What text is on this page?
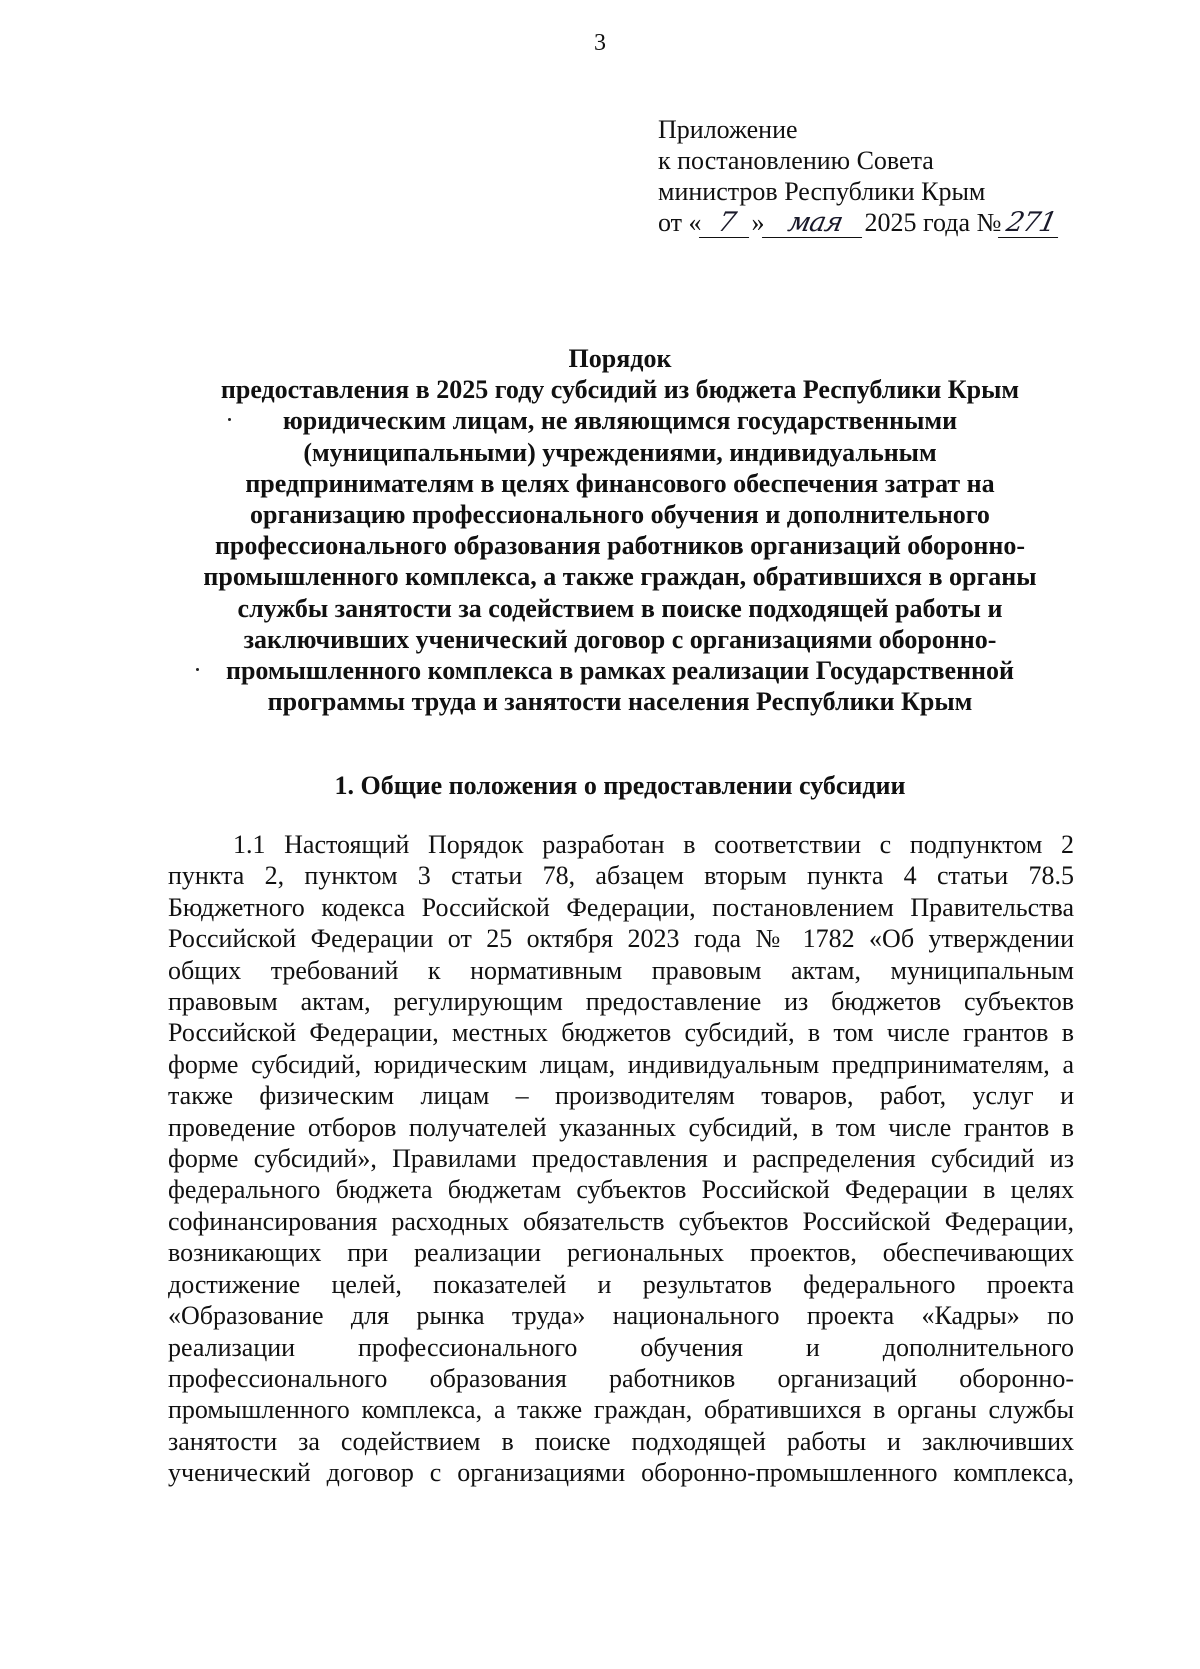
3
Приложение
к постановлению Совета
министров Республики Крым
от « 7 » мая 2025 года №271
Порядок
предоставления в 2025 году субсидий из бюджета Республики Крым
юридическим лицам, не являющимся государственными
(муниципальными) учреждениями, индивидуальным
предпринимателям в целях финансового обеспечения затрат на
организацию профессионального обучения и дополнительного
профессионального образования работников организаций оборонно-
промышленного комплекса, а также граждан, обратившихся в органы
службы занятости за содействием в поиске подходящей работы и
заключивших ученический договор с организациями оборонно-
промышленного комплекса в рамках реализации Государственной
программы труда и занятости населения Республики Крым
1. Общие положения о предоставлении субсидии
1.1 Настоящий Порядок разработан в соответствии с подпунктом 2
пункта 2, пунктом 3 статьи 78, абзацем вторым пункта 4 статьи 78.5
Бюджетного кодекса Российской Федерации, постановлением Правительства
Российской Федерации от 25 октября 2023 года № 1782 «Об утверждении
общих требований к нормативным правовым актам, муниципальным
правовым актам, регулирующим предоставление из бюджетов субъектов
Российской Федерации, местных бюджетов субсидий, в том числе грантов в
форме субсидий, юридическим лицам, индивидуальным предпринимателям, а
также физическим лицам – производителям товаров, работ, услуг и
проведение отборов получателей указанных субсидий, в том числе грантов в
форме субсидий», Правилами предоставления и распределения субсидий из
федерального бюджета бюджетам субъектов Российской Федерации в целях
софинансирования расходных обязательств субъектов Российской Федерации,
возникающих при реализации региональных проектов, обеспечивающих
достижение целей, показателей и результатов федерального проекта
«Образование для рынка труда» национального проекта «Кадры» по
реализации профессионального обучения и дополнительного
профессионального образования работников организаций оборонно-
промышленного комплекса, а также граждан, обратившихся в органы службы
занятости за содействием в поиске подходящей работы и заключивших
ученический договор с организациями оборонно-промышленного комплекса,
